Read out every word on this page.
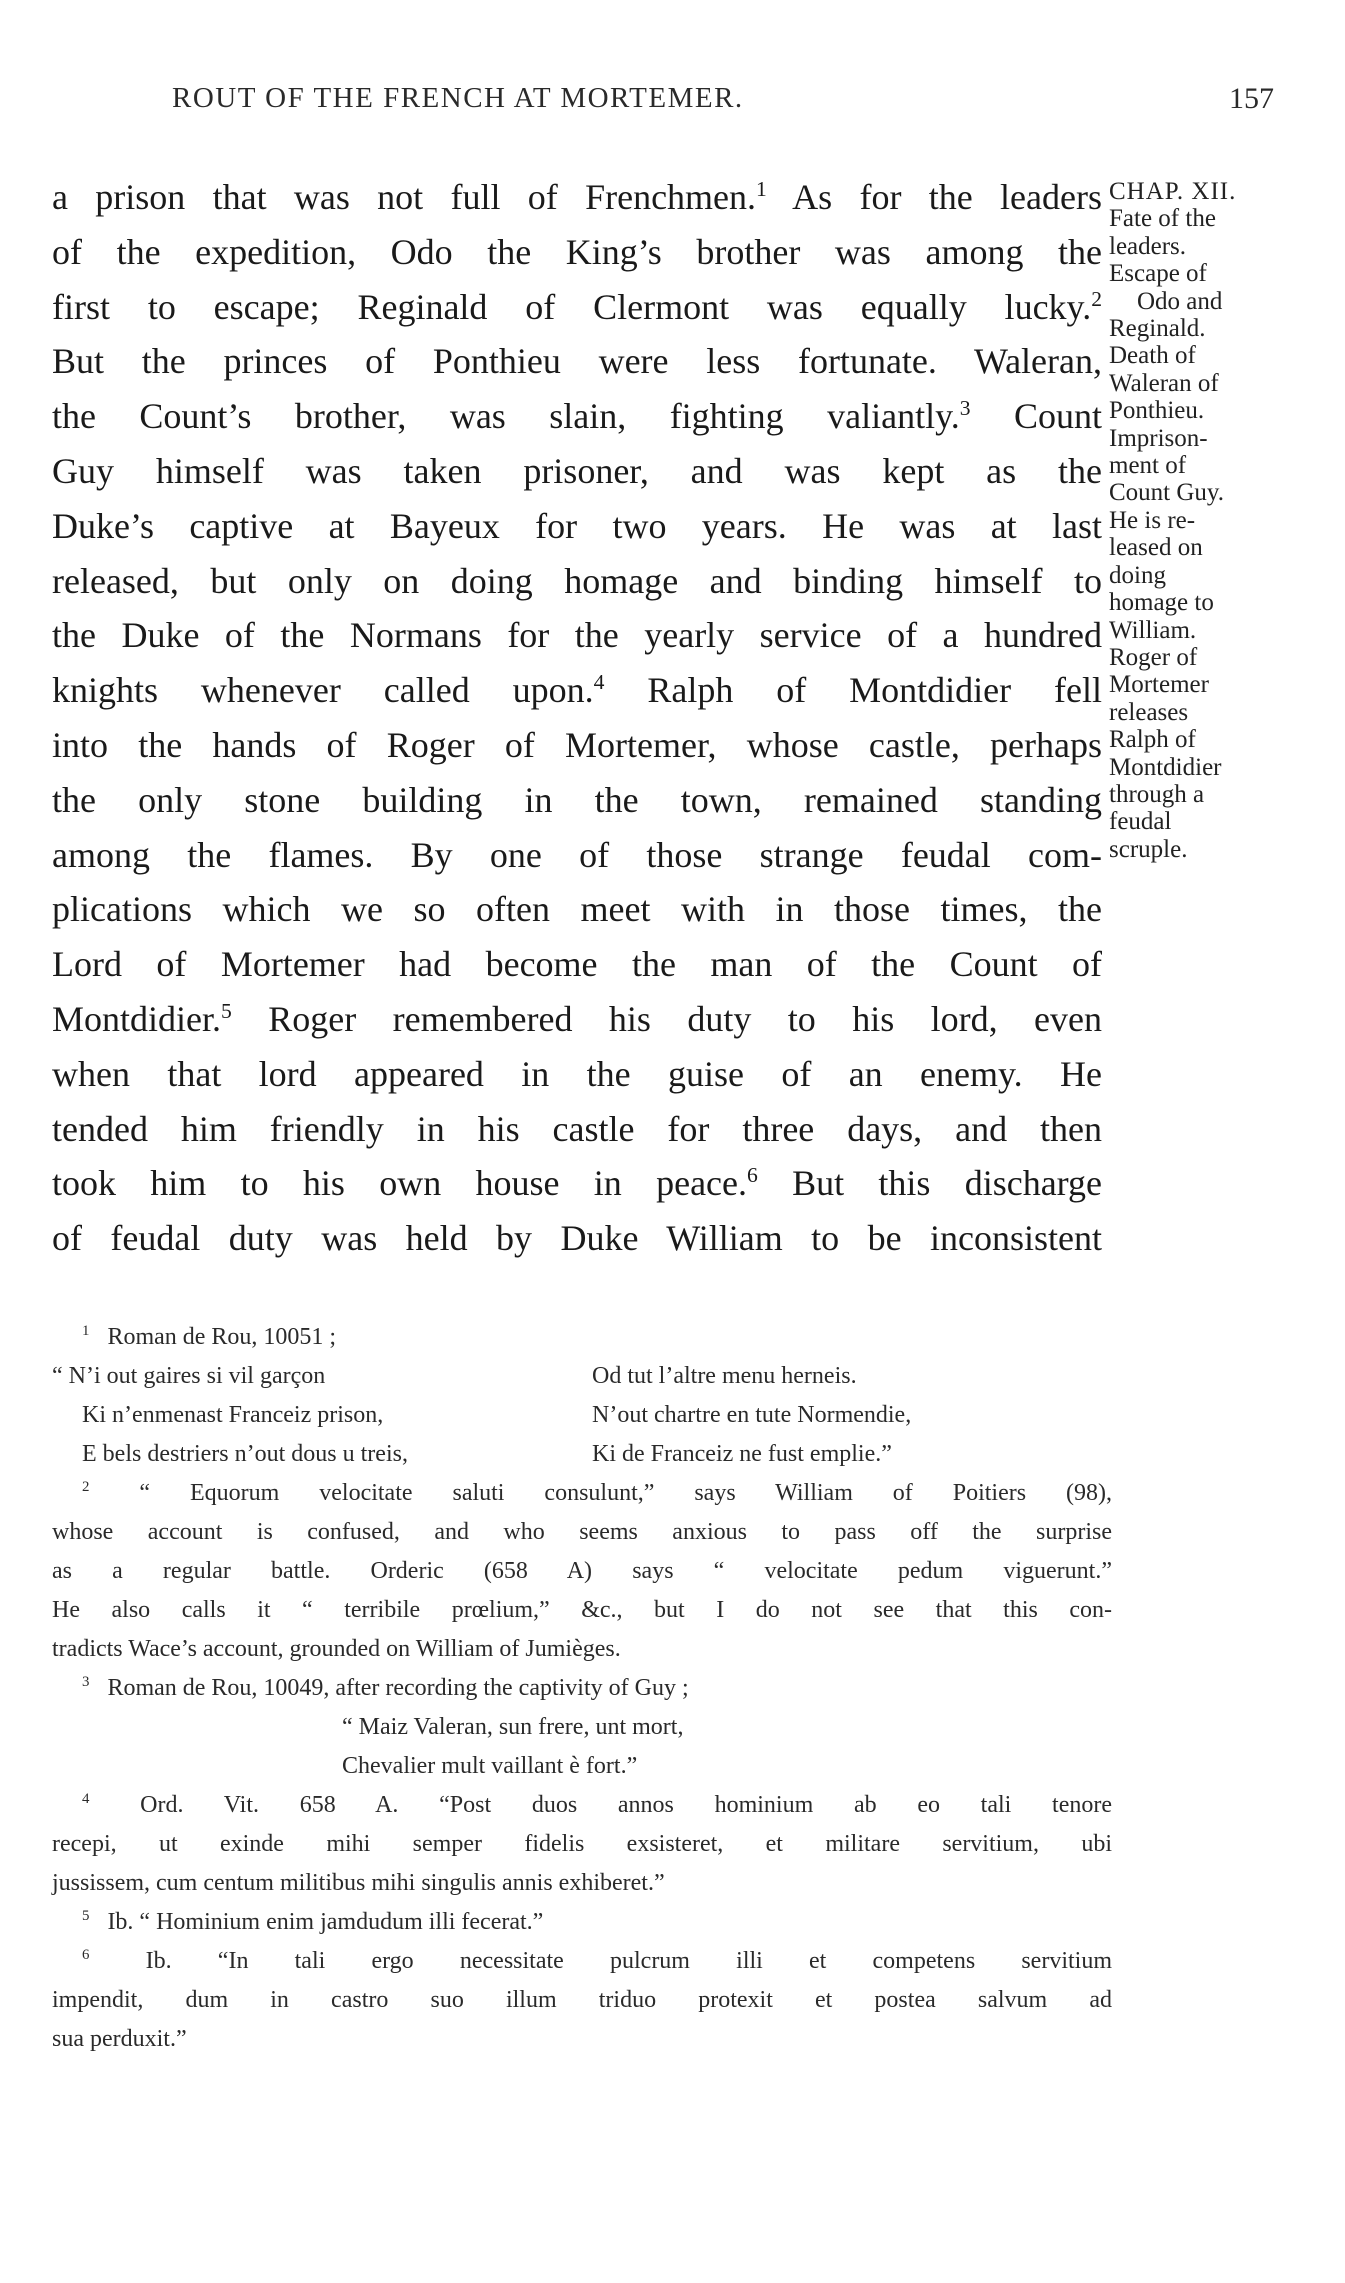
ROUT OF THE FRENCH AT MORTEMER.	157
a prison that was not full of Frenchmen.$^1$ As for the leaders
of the expedition, Odo the King’s brother was among the
first to escape; Reginald of Clermont was equally lucky.$^2$
But the princes of Ponthieu were less fortunate. Waleran,
the Count’s brother, was slain, fighting valiantly.$^3$ Count
Guy himself was taken prisoner, and was kept as the
Duke’s captive at Bayeux for two years. He was at last
released, but only on doing homage and binding himself to
the Duke of the Normans for the yearly service of a hundred
knights whenever called upon.$^4$ Ralph of Montdidier fell
into the hands of Roger of Mortemer, whose castle, perhaps
the only stone building in the town, remained standing
among the flames. By one of those strange feudal com-
plications which we so often meet with in those times, the
Lord of Mortemer had become the man of the Count of
Montdidier.$^5$ Roger remembered his duty to his lord, even
when that lord appeared in the guise of an enemy. He
tended him friendly in his castle for three days, and then
took him to his own house in peace.$^6$ But this discharge
of feudal duty was held by Duke William to be inconsistent
CHAP. XII.
Fate of the
leaders.
Escape of
Odo and
Reginald.
Death of
Waleran of
Ponthieu.
Imprison-
ment of
Count Guy.
He is re-
leased on
doing
homage to
William.
Roger of
Mortemer
releases
Ralph of
Montdidier
through a
feudal
scruple.
$^1$ Roman de Rou, 10051 ;
“ N’i out gaires si vil garçon	Od tut l’altre menu herneis.
Ki n’enmenast Franceiz prison,	N’out chartre en tute Normendie,
E bels destriers n’out dous u treis,	Ki de Franceiz ne fust emplie.”
$^2$ “ Equorum velocitate saluti consulunt,” says William of Poitiers (98),
whose account is confused, and who seems anxious to pass off the surprise
as a regular battle. Orderic (658 A) says “ velocitate pedum viguerunt.”
He also calls it “ terribile prœlium,” &c., but I do not see that this con-
tradicts Wace’s account, grounded on William of Jumièges.
$^3$ Roman de Rou, 10049, after recording the captivity of Guy ;
“ Maiz Valeran, sun frere, unt mort,
Chevalier mult vaillant è fort.”
$^4$ Ord. Vit. 658 A. “Post duos annos hominium ab eo tali tenore
recepi, ut exinde mihi semper fidelis exsisteret, et militare servitium, ubi
jussissem, cum centum militibus mihi singulis annis exhiberet.”
$^5$ Ib. “ Hominium enim jamdudum illi fecerat.”
$^6$ Ib. “In tali ergo necessitate pulcrum illi et competens servitium
impendit, dum in castro suo illum triduo protexit et postea salvum ad
sua perduxit.”
